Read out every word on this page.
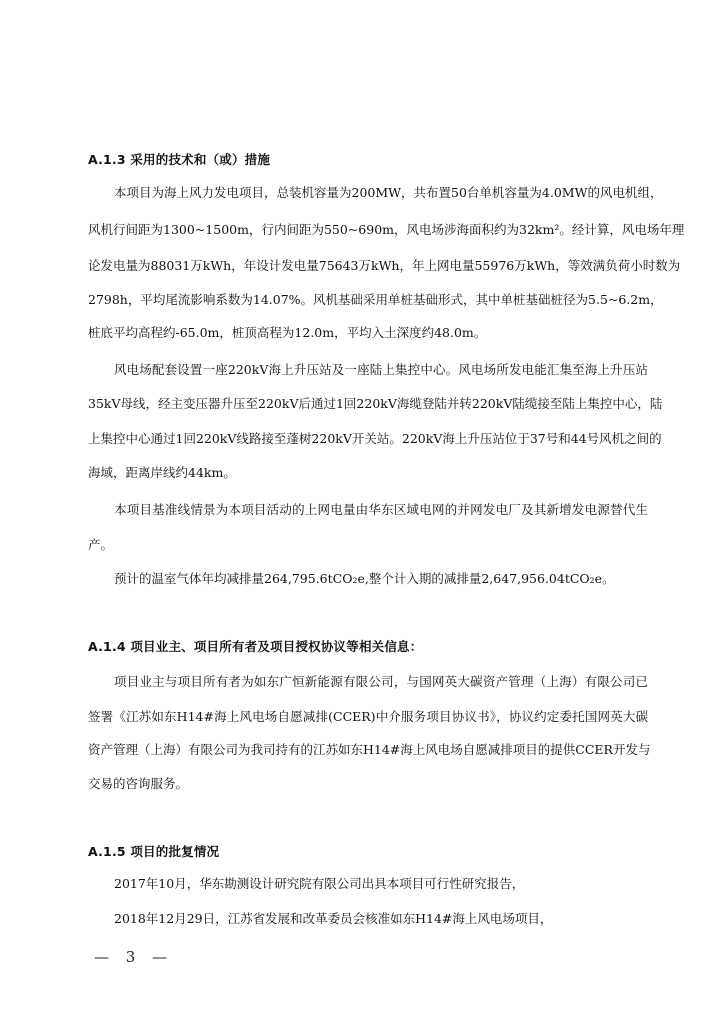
A.1.3 采用的技术和（或）措施
本项目为海上风力发电项目，总装机容量为200MW，共布置50台单机容量为4.0MW的风电机组，
风机行间距为1300~1500m，行内间距为550~690m，风电场涉海面积约为32km²。经计算，风电场年理
论发电量为88031万kWh，年设计发电量75643万kWh，年上网电量55976万kWh，等效满负荷小时数为
2798h，平均尾流影响系数为14.07%。风机基础采用单桩基础形式，其中单桩基础桩径为5.5~6.2m，
桩底平均高程约-65.0m，桩顶高程为12.0m，平均入土深度约48.0m。
风电场配套设置一座220kV海上升压站及一座陆上集控中心。风电场所发电能汇集至海上升压站
35kV母线，经主变压器升压至220kV后通过1回220kV海缆登陆并转220kV陆缆接至陆上集控中心，陆
上集控中心通过1回220kV线路接至蓬树220kV开关站。220kV海上升压站位于37号和44号风机之间的
海域，距离岸线约44km。
本项目基准线情景为本项目活动的上网电量由华东区域电网的并网发电厂及其新增发电源替代生
产。
预计的温室气体年均减排量264,795.6tCO₂e,整个计入期的减排量2,647,956.04tCO₂e。
A.1.4 项目业主、项目所有者及项目授权协议等相关信息：
项目业主与项目所有者为如东广恒新能源有限公司，与国网英大碳资产管理（上海）有限公司已
签署《江苏如东H14#海上风电场自愿减排(CCER)中介服务项目协议书》，协议约定委托国网英大碳
资产管理（上海）有限公司为我司持有的江苏如东H14#海上风电场自愿减排项目的提供CCER开发与
交易的咨询服务。
A.1.5 项目的批复情况
2017年10月，华东勘测设计研究院有限公司出具本项目可行性研究报告，
2018年12月29日，江苏省发展和改革委员会核准如东H14#海上风电场项目，
— 3 —
